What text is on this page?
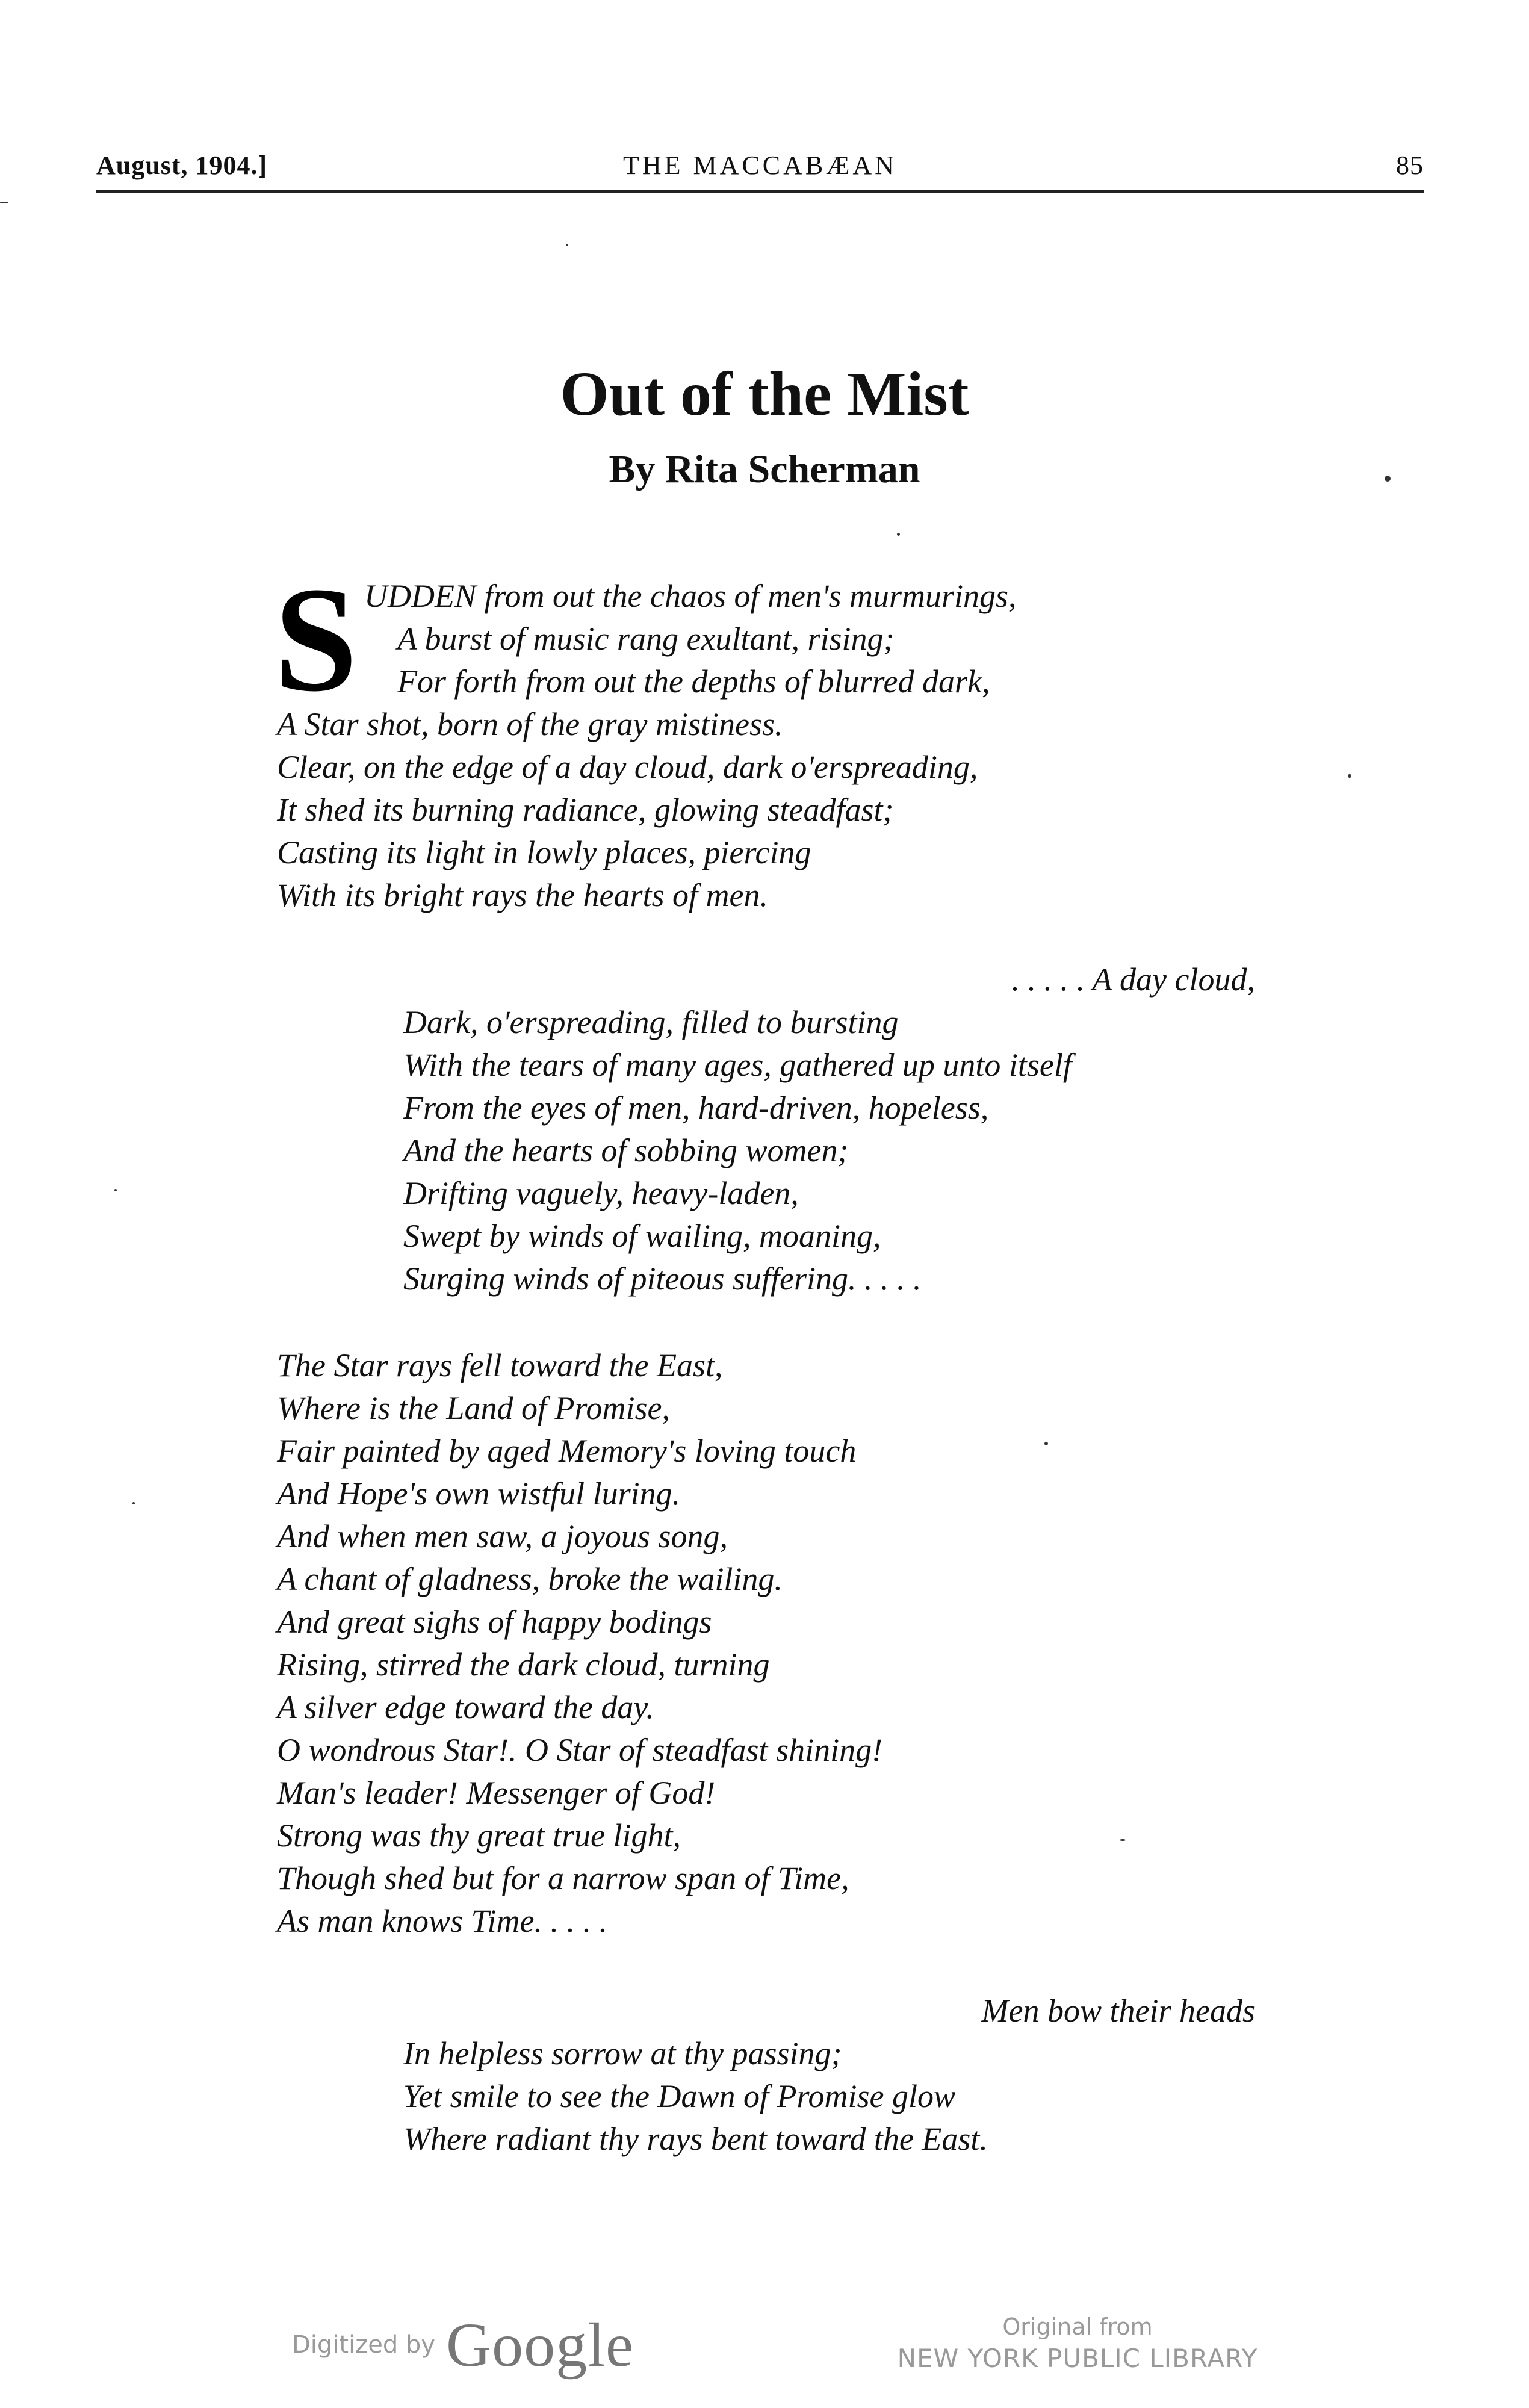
August, 1904.]	THE MACCABÆAN	85
Out of the Mist
By Rita Scherman
S UDDEN from out the chaos of men's murmurings,
A burst of music rang exultant, rising;
For forth from out the depths of blurred dark,
A Star shot, born of the gray mistiness.
Clear, on the edge of a day cloud, dark o'erspreading,
It shed its burning radiance, glowing steadfast;
Casting its light in lowly places, piercing
With its bright rays the hearts of men.
. . . . . A day cloud,
Dark, o'erspreading, filled to bursting
With the tears of many ages, gathered up unto itself
From the eyes of men, hard-driven, hopeless,
And the hearts of sobbing women;
Drifting vaguely, heavy-laden,
Swept by winds of wailing, moaning,
Surging winds of piteous suffering. . . . .
The Star rays fell toward the East,
Where is the Land of Promise,
Fair painted by aged Memory's loving touch
And Hope's own wistful luring.
And when men saw, a joyous song,
A chant of gladness, broke the wailing.
And great sighs of happy bodings
Rising, stirred the dark cloud, turning
A silver edge toward the day.
O wondrous Star!. O Star of steadfast shining!
Man's leader! Messenger of God!
Strong was thy great true light,
Though shed but for a narrow span of Time,
As man knows Time. . . . .
Men bow their heads
In helpless sorrow at thy passing;
Yet smile to see the Dawn of Promise glow
Where radiant thy rays bent toward the East.
Digitized by Google	Original from
NEW YORK PUBLIC LIBRARY
